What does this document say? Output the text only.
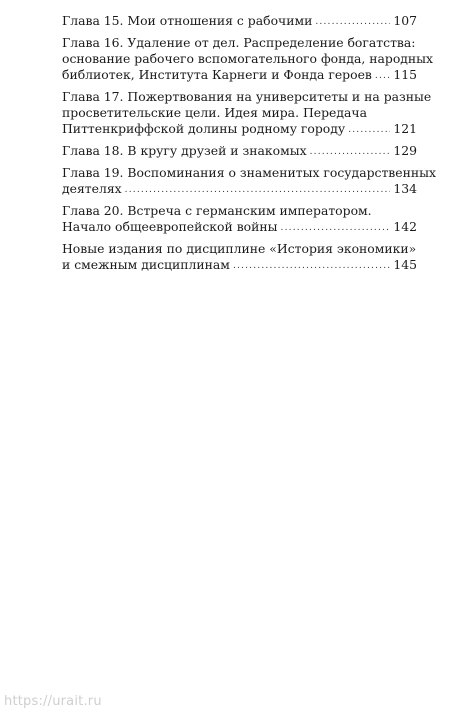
Глава 15. Мои отношения с рабочими .....	107
Глава 16. Удаление от дел. Распределение богатства:
основание рабочего вспомогательного фонда, народных
библиотек, Института Карнеги и Фонда героев ..... 115
Глава 17. Пожертвования на университеты и на разные
просветительские цели. Идея мира. Передача
Питтенкриффской долины родному городу .....	121
Глава 18. В кругу друзей и знакомых .....	129
Глава 19. Воспоминания о знаменитых государственных
деятелях .....	134
Глава 20. Встреча с германским императором.
Начало общеевропейской войны .....	142
Новые издания по дисциплине «История экономики»
и смежным дисциплинам .....	145
https://urait.ru
